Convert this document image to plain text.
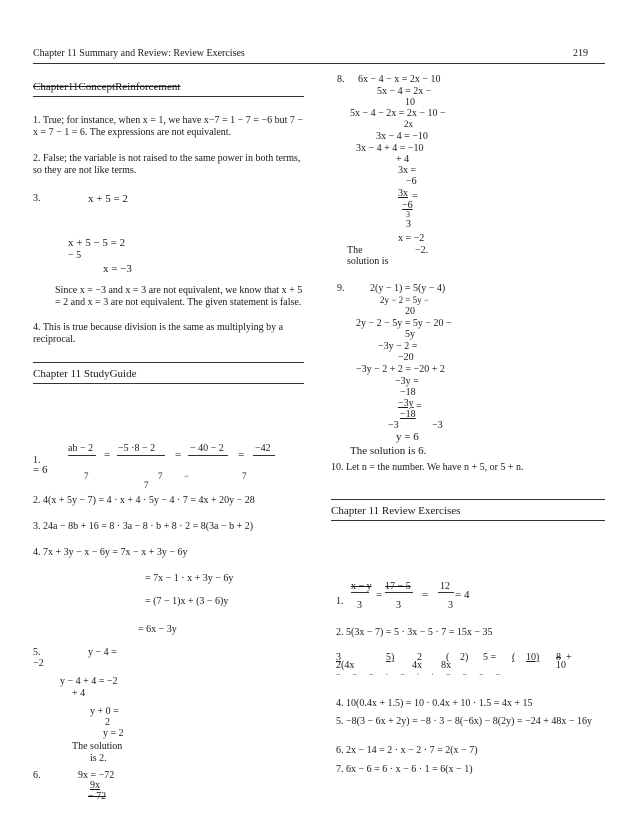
Chapter 11 Summary and Review: Review Exercises	219
Chapter11ConceptReinforcement
1. True; for instance, when x = 1, we have x−7 = 1 − 7 = −6 but 7 − x = 7 − 1 = 6. The expressions are not equivalent.
2. False; the variable is not raised to the same power in both terms, so they are not like terms.
3.	x + 5 = 2
x + 5 − 5 = 2
− 5
x = −3
Since x = −3 and x = 3 are not equivalent, we know that x + 5 = 2 and x = 3 are not equivalent. The given statement is false.
4. This is true because division is the same as multiplying by a reciprocal.
Chapter 11 StudyGuide
ab − 2 −5 ·8 − 2	− 40 − 2	−42
1.	=	=	=
= 6	7	7 −	7
7
2. 4(x + 5y − 7) = 4 · x + 4 · 5y − 4 · 7 = 4x + 20y − 28
3. 24a − 8b + 16 = 8 · 3a − 8 · b + 8 · 2 = 8(3a − b + 2)
4. 7x + 3y − x − 6y = 7x − x + 3y − 6y
= 7x − 1 · x + 3y − 6y
= (7 − 1)x + (3 − 6)y
= 6x − 3y
5.	y − 4 =
−2
y − 4 + 4 = −2
+ 4
y + 0 =
2
y = 2
The solution
is 2.
6.	9x = −72
9x
− 72
8. 6x − 4 − x = 2x − 10
5x − 4 = 2x −
10
5x − 4 − 2x = 2x − 10 −
2x
3x − 4 = −10
3x − 4 + 4 = −10
+ 4
3x =
−6
3x =
−6
3
3
x = −2
The	−2.
solution is
9.	2(y − 1) = 5(y − 4)
2y − 2 = 5y −
20
2y − 2 − 5y = 5y − 20 −
5y
−3y − 2 =
−20
−3y − 2 + 2 = −20 + 2
−3y =
−18
−3y =
−18
−3	−3
y = 6
The solution is 6.
10. Let n = the number. We have n + 5, or 5 + n.
Chapter 11 Review Exercises
1.
x − y 17 − 5	12
=	= = 4
3	3	3
2. 5(3x − 7) = 5 · 3x − 5 · 7 = 15x − 35
3	5) 2 ( 2) 5 = ( 10) 8 +
2(4x	4x 8x	10
− − − · − · · − − − −
4. 10(0.4x + 1.5) = 10 · 0.4x + 10 · 1.5 = 4x + 15
5. −8(3 − 6x + 2y) = −8 · 3 − 8(−6x) − 8(2y) = −24 + 48x − 16y
6. 2x − 14 = 2 · x − 2 · 7 = 2(x − 7)
7. 6x − 6 = 6 · x − 6 · 1 = 6(x − 1)
